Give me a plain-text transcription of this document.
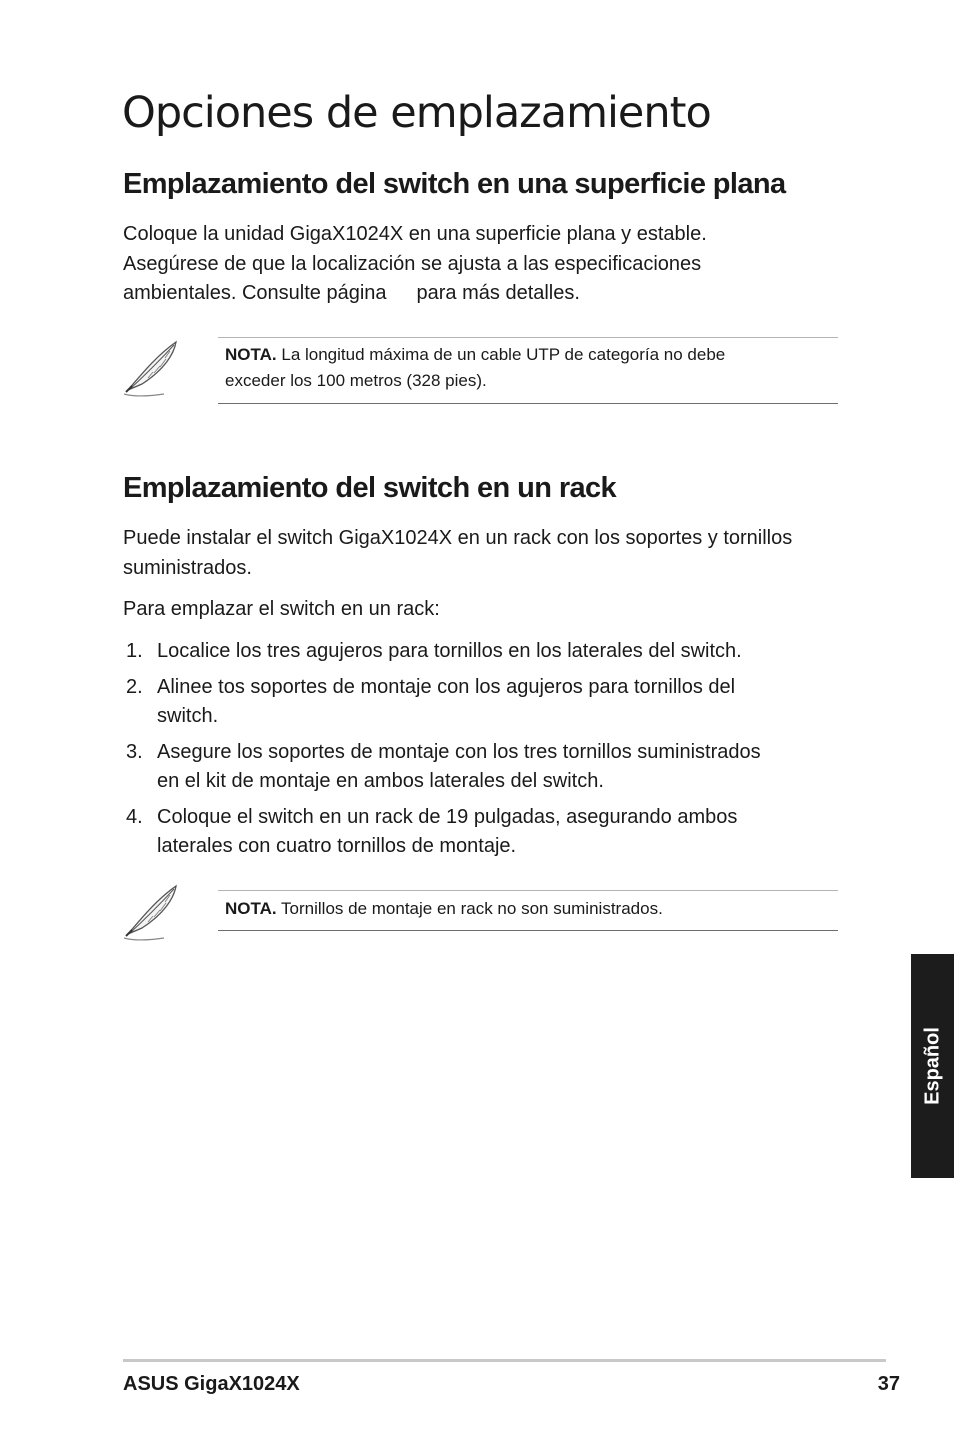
Opciones de emplazamiento
Emplazamiento del switch en una superficie plana

Coloque la unidad GigaX1024X en una superficie plana y estable.
Asegúrese de que la localización se ajusta a las especificaciones
ambientales. Consulte página para más detalles.

NOTA. La longitud máxima de un cable UTP de categoría no debe
exceder los 100 metros (328 pies).
Emplazamiento del switch en un rack

Puede instalar el switch GigaX1024X en un rack con los soportes y tornillos
suministrados.

Para emplazar el switch en un rack:

1. Localice los tres agujeros para tornillos en los laterales del switch.
2. Alinee tos soportes de montaje con los agujeros para tornillos del
switch.
3. Asegure los soportes de montaje con los tres tornillos suministrados
en el kit de montaje en ambos laterales del switch.
4. Coloque el switch en un rack de 19 pulgadas, asegurando ambos
laterales con cuatro tornillos de montaje.
NOTA. Tornillos de montaje en rack no son suministrados.
Español
ASUS GigaX1024X	37
